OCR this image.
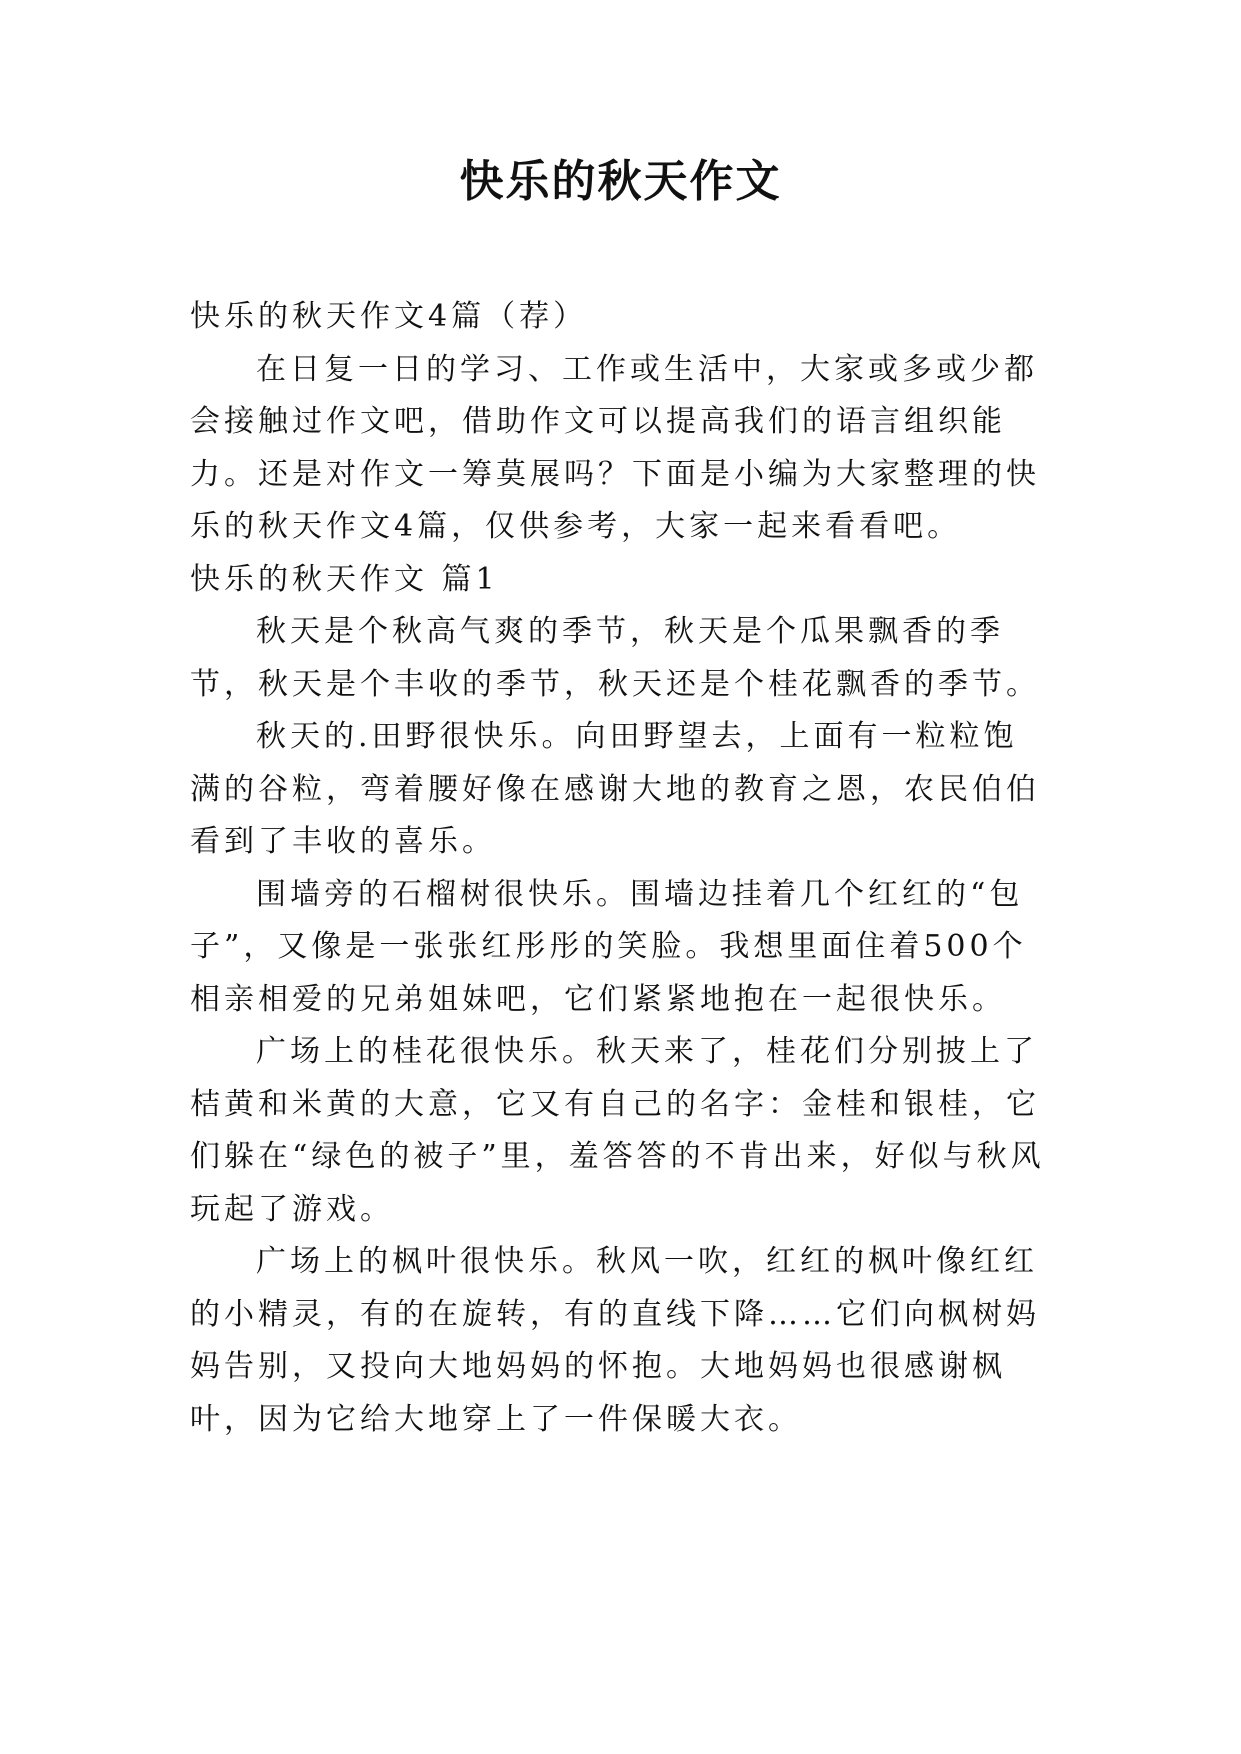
快乐的秋天作文

快乐的秋天作文4篇（荐）

在日复一日的学习、工作或生活中，大家或多或少都会接触过作文吧，借助作文可以提高我们的语言组织能力。还是对作文一筹莫展吗？下面是小编为大家整理的快乐的秋天作文4篇，仅供参考，大家一起来看看吧。

快乐的秋天作文 篇1

秋天是个秋高气爽的季节，秋天是个瓜果飘香的季节，秋天是个丰收的季节，秋天还是个桂花飘香的季节。

秋天的.田野很快乐。向田野望去，上面有一粒粒饱满的谷粒，弯着腰好像在感谢大地的教育之恩，农民伯伯看到了丰收的喜乐。

围墙旁的石榴树很快乐。围墙边挂着几个红红的“包子”，又像是一张张红彤彤的笑脸。我想里面住着500个相亲相爱的兄弟姐妹吧，它们紧紧地抱在一起很快乐。

广场上的桂花很快乐。秋天来了，桂花们分别披上了桔黄和米黄的大意，它又有自己的名字：金桂和银桂，它们躲在“绿色的被子”里，羞答答的不肯出来，好似与秋风玩起了游戏。

广场上的枫叶很快乐。秋风一吹，红红的枫叶像红红的小精灵，有的在旋转，有的直线下降……它们向枫树妈妈告别，又投向大地妈妈的怀抱。大地妈妈也很感谢枫叶，因为它给大地穿上了一件保暖大衣。
